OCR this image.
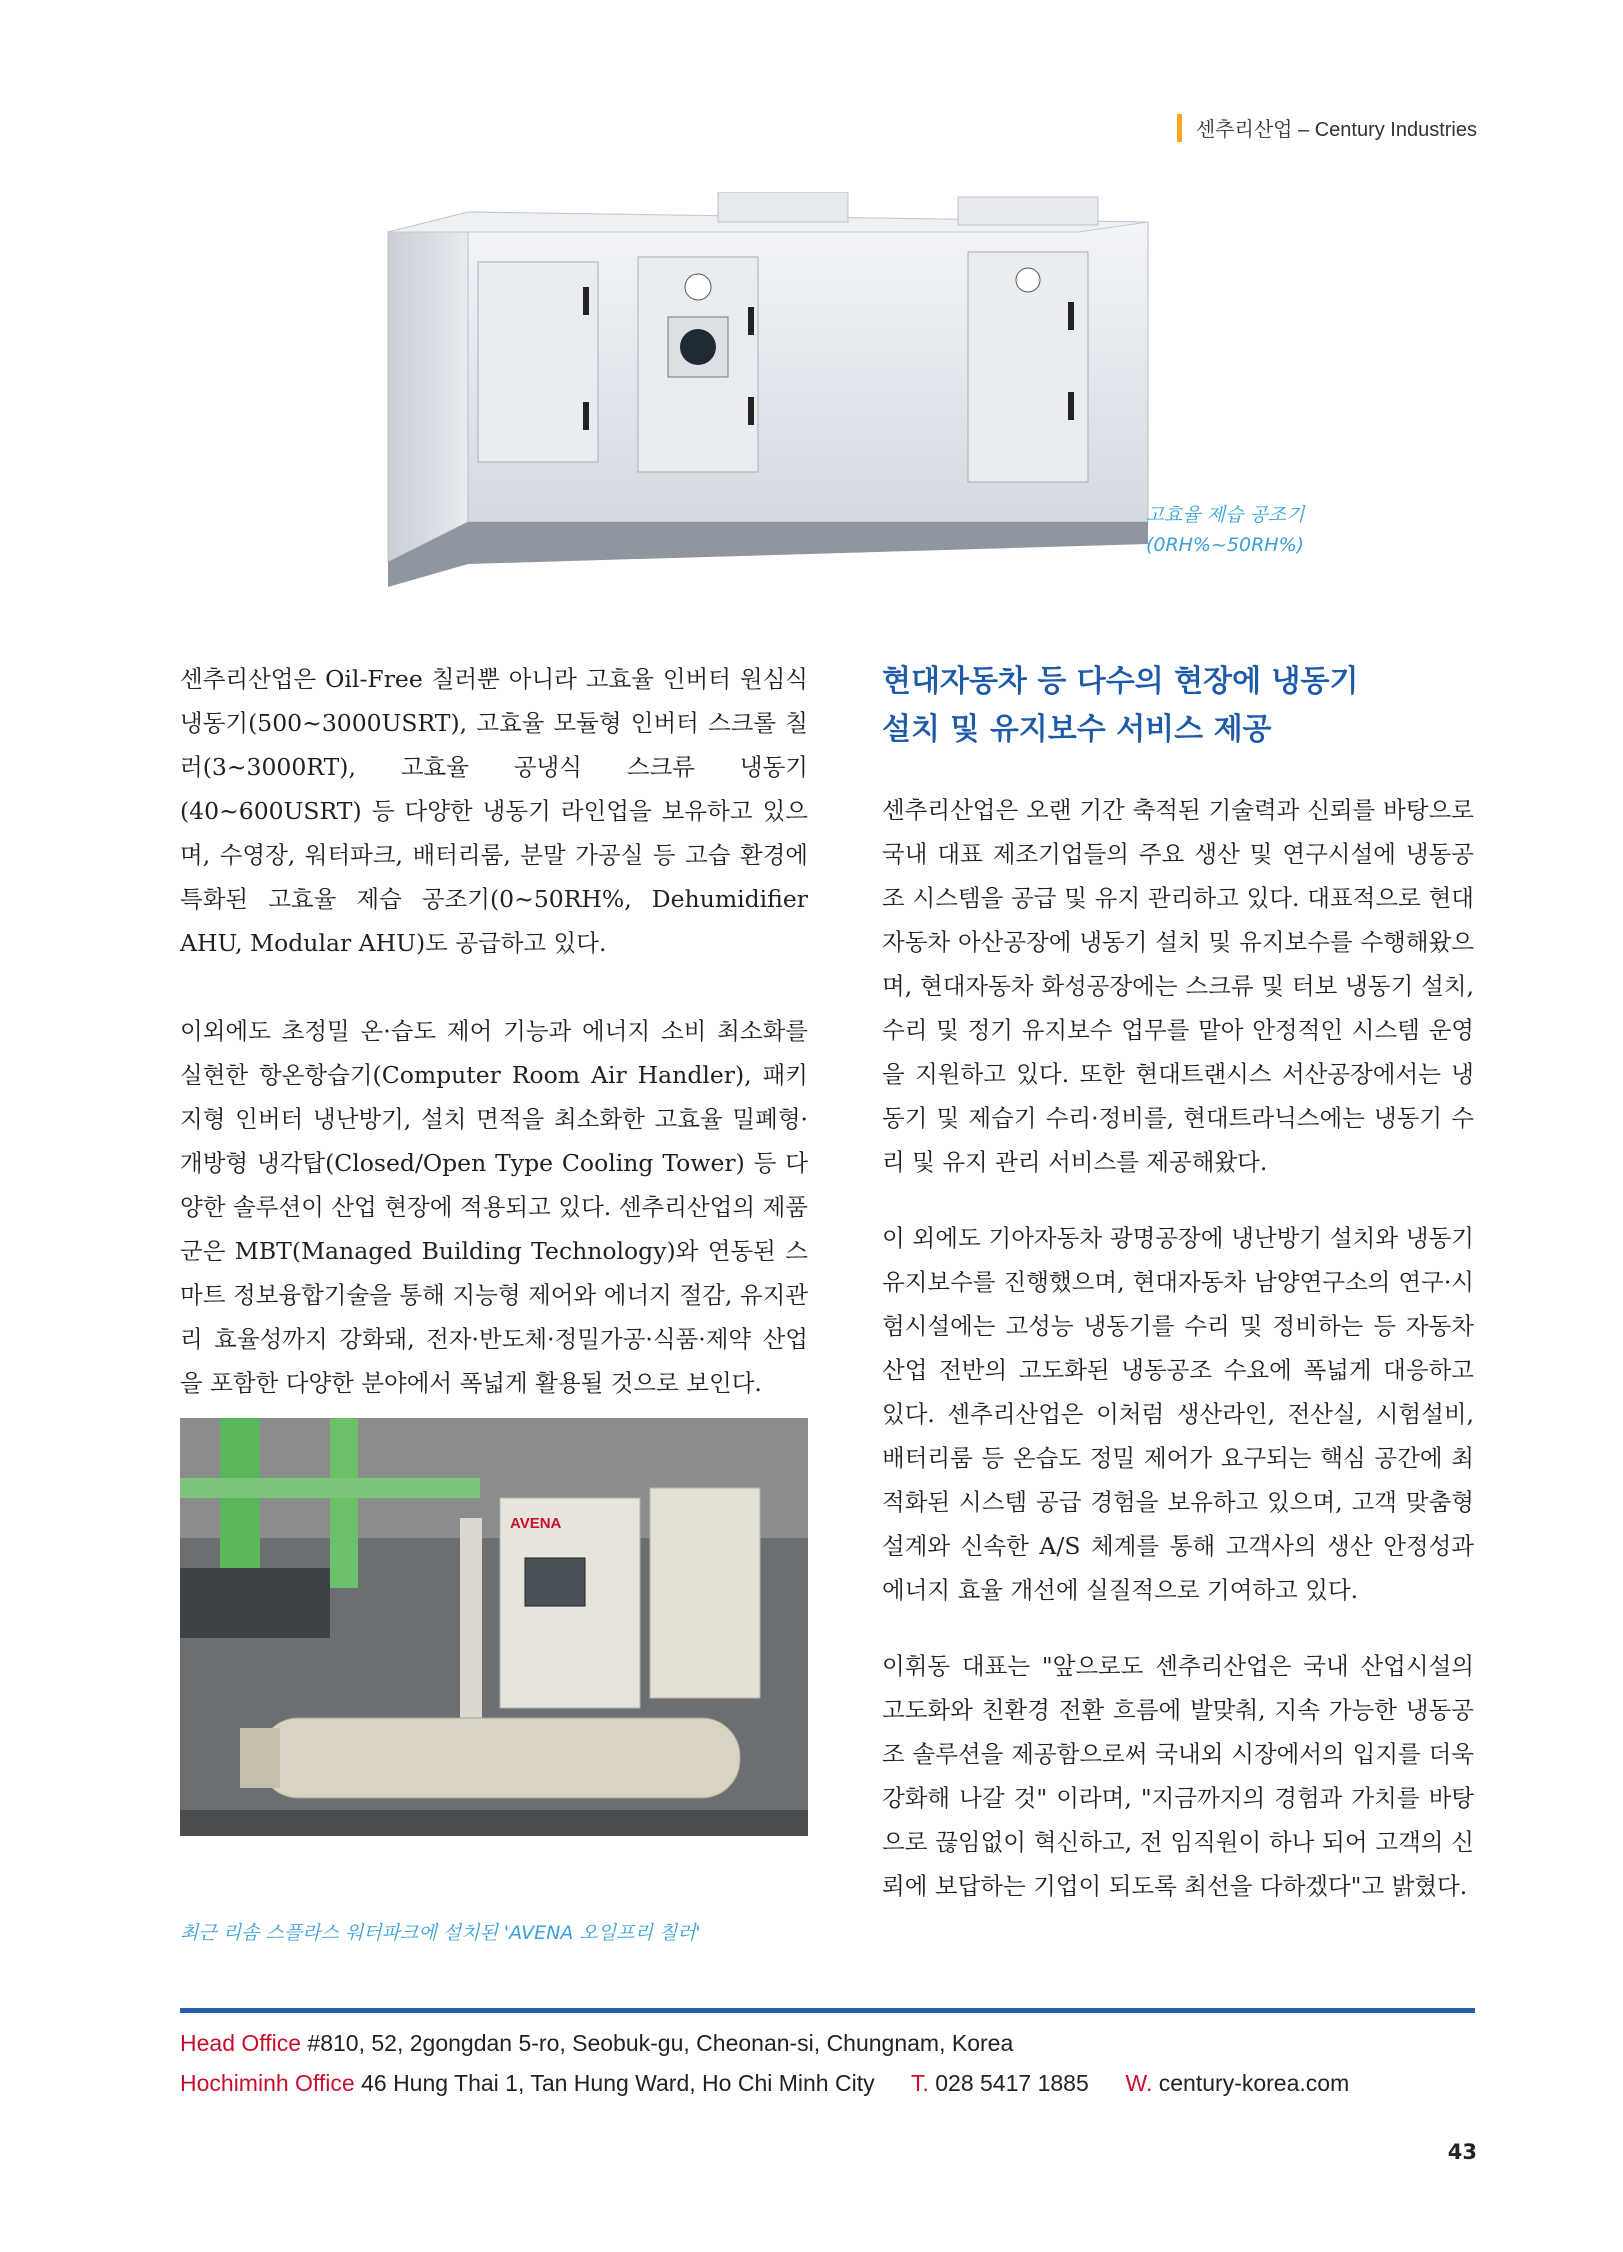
센추리산업 – Century Industries
고효율 제습 공조기
(0RH%~50RH%)

센추리산업은 Oil-Free 칠러뿐 아니라 고효율 인버터 원심식 냉동기(500~3000USRT), 고효율 모듈형 인버터 스크롤 칠러(3~3000RT), 고효율 공냉식 스크류 냉동기(40~600USRT) 등 다양한 냉동기 라인업을 보유하고 있으며, 수영장, 워터파크, 배터리룸, 분말 가공실 등 고습 환경에 특화된 고효율 제습 공조기(0~50RH%, Dehumidifier AHU, Modular AHU)도 공급하고 있다.

이외에도 초정밀 온·습도 제어 기능과 에너지 소비 최소화를 실현한 항온항습기(Computer Room Air Handler), 패키지형 인버터 냉난방기, 설치 면적을 최소화한 고효율 밀폐형·개방형 냉각탑(Closed/Open Type Cooling Tower) 등 다양한 솔루션이 산업 현장에 적용되고 있다. 센추리산업의 제품군은 MBT(Managed Building Technology)와 연동된 스마트 정보융합기술을 통해 지능형 제어와 에너지 절감, 유지관리 효율성까지 강화돼, 전자·반도체·정밀가공·식품·제약 산업을 포함한 다양한 분야에서 폭넓게 활용될 것으로 보인다.

AVENA
최근 리솜 스플라스 워터파크에 설치된 'AVENA 오일프리 칠러'
현대자동차 등 다수의 현장에 냉동기
설치 및 유지보수 서비스 제공

센추리산업은 오랜 기간 축적된 기술력과 신뢰를 바탕으로 국내 대표 제조기업들의 주요 생산 및 연구시설에 냉동공조 시스템을 공급 및 유지 관리하고 있다. 대표적으로 현대자동차 아산공장에 냉동기 설치 및 유지보수를 수행해왔으며, 현대자동차 화성공장에는 스크류 및 터보 냉동기 설치, 수리 및 정기 유지보수 업무를 맡아 안정적인 시스템 운영을 지원하고 있다. 또한 현대트랜시스 서산공장에서는 냉동기 및 제습기 수리·정비를, 현대트라닉스에는 냉동기 수리 및 유지 관리 서비스를 제공해왔다.

이 외에도 기아자동차 광명공장에 냉난방기 설치와 냉동기 유지보수를 진행했으며, 현대자동차 남양연구소의 연구·시험시설에는 고성능 냉동기를 수리 및 정비하는 등 자동차 산업 전반의 고도화된 냉동공조 수요에 폭넓게 대응하고 있다. 센추리산업은 이처럼 생산라인, 전산실, 시험설비, 배터리룸 등 온습도 정밀 제어가 요구되는 핵심 공간에 최적화된 시스템 공급 경험을 보유하고 있으며, 고객 맞춤형 설계와 신속한 A/S 체계를 통해 고객사의 생산 안정성과 에너지 효율 개선에 실질적으로 기여하고 있다.

이휘동 대표는 "앞으로도 센추리산업은 국내 산업시설의 고도화와 친환경 전환 흐름에 발맞춰, 지속 가능한 냉동공조 솔루션을 제공함으로써 국내외 시장에서의 입지를 더욱 강화해 나갈 것" 이라며, "지금까지의 경험과 가치를 바탕으로 끊임없이 혁신하고, 전 임직원이 하나 되어 고객의 신뢰에 보답하는 기업이 되도록 최선을 다하겠다"고 밝혔다.

Head Office #810, 52, 2gongdan 5-ro, Seobuk-gu, Cheonan-si, Chungnam, Korea
Hochiminh Office 46 Hung Thai 1, Tan Hung Ward, Ho Chi Minh City T. 028 5417 1885 W. century-korea.com
43
